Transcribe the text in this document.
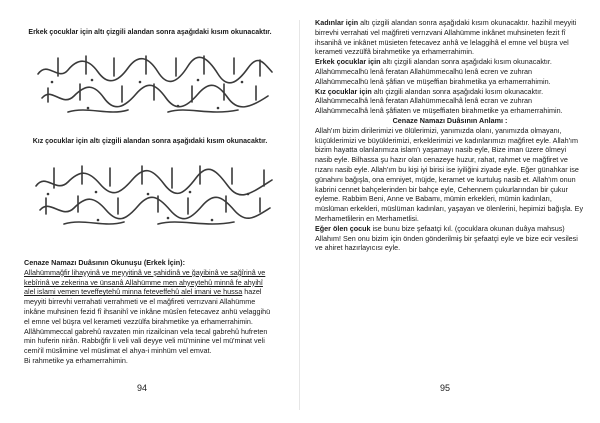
Erkek çocuklar için altı çizgili alandan sonra aşağıdaki kısım okunacaktır.
Kız çocuklar için altı çizgili alandan sonra aşağıdaki kısım okunacaktır.
Cenaze Namazı Duâsının Okunuşu (Erkek İçin):
Allahümmağfir lihayyinâ ve meyyitinâ ve şahidinâ ve ğayibinâ ve sağîrinâ ve kebîrinâ ve zekerina ve ünsanâ Allahümme men ahyeytehû minnâ fe ahyihî alel islami vemen teveffeytehû minna feteveffehû alel imani ve hussa hazel meyyiti birrevhi verrahati verrahmeti ve el mağfireti verrızvani Allahümme inkâne muhsinen fezid fî ihsanihî ve inkâne müsîen fetecavez anhü velaggihü el emne vel büşra vel kerameti vezzülfa birahmetike ya erhamerrahimin. Allâhümmeccal gabrehû ravzaten min rizailcinan vela tecal gabrehû hufreten min huferin nirân. Rabbığfir li veli vali deyye veli mü'minine vel mü'minat veli cemi'il müslimine vel müslimat el ahya-i minhüm vel emvat.
Bi rahmetike ya erhamerrahimin.
94

Kadınlar için altı çizgili alandan sonra aşağıdaki kısım okunacaktır. hazihil meyyiti birrevhi verrahati vel mağfireti verrızvani Allahümme inkânet muhsineten fezit fî ihsanihâ ve inkânet müsieten fetecavez anhâ ve lelaggihâ el emne vel büşra vel kerameti vezzülfâ birahmetike ya erhamerrahimin.

Erkek çocuklar için altı çizgili alandan sonra aşağıdaki kısım okunacaktır. Allahümmecalhü lenâ feratan Allahümmecalhü lenâ ecren ve zuhran Allahümmecalhü lenâ şâfian ve müşeffian birahmetika ya erhamerrahimin.

Kız çocuklar için altı çizgili alandan sonra aşağıdaki kısım okunacaktır. Allahümmecalhâ lenâ feratan Allahümmecalhâ lenâ ecran ve zuhran Allahümmecalhâ lenâ şâfiaten ve müşeffiaten birahmetike ya erhamerrahimin.

Cenaze Namazı Duâsının Anlamı :

Allah'ım bizim dirilerimizi ve ölülerimizi, yanımızda olanı, yanımızda olmayanı, küçüklerimizi ve büyüklerimizi, erkeklerimizi ve kadınlarımızı mağfiret eyle. Allah'ım bizim hayatta olanlarımıza islam'ı yaşamayı nasib eyle, Bize iman üzere ölmeyi nasib eyle. Bilhassa şu hazır olan cenazeye huzur, rahat, rahmet ve mağfiret ve rızanı nasib eyle. Allah'ım bu kişi iyi birisi ise iyiliğini ziyade eyle. Eğer günahkar ise günahını bağışla, ona emniyet, müjde, keramet ve kurtuluş nasib et. Allah'ım onun kabrini cennet bahçelerinden bir bahçe eyle, Cehennem çukurlarından bir çukur eyleme. Rabbim Beni, Anne ve Babamı, mümin erkekleri, mümin kadınları, müslüman erkekleri, müslüman kadınları, yaşayan ve ölenlerini, hepimizi bağışla. Ey Merhametlilerin en Merhametlisi.

Eğer ölen çocuk ise bunu bize şefaatçi kıl. (çocuklara okunan duâya mahsus) Allahım! Sen onu bizim için önden gönderilmiş bir şefaatçi eyle ve bize ecir vesilesi ve ahiret hazırlayıcısı eyle.

95
